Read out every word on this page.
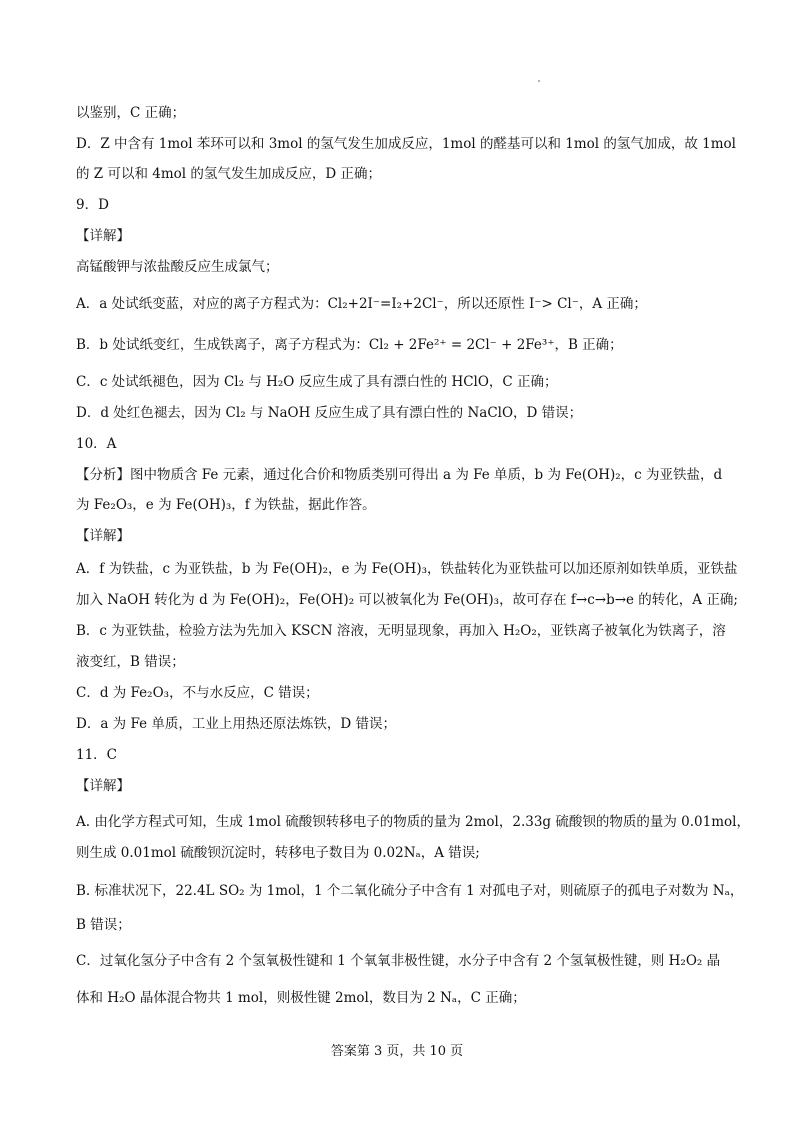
以鉴别，C 正确；
D．Z 中含有 1mol 苯环可以和 3mol 的氢气发生加成反应，1mol 的醛基可以和 1mol 的氢气加成，故 1mol
的 Z 可以和 4mol 的氢气发生加成反应，D 正确；
9．D
【详解】
高锰酸钾与浓盐酸反应生成氯气；
A．a 处试纸变蓝，对应的离子方程式为：Cl₂+2I⁻=I₂+2Cl⁻，所以还原性 I⁻> Cl⁻，A 正确；
B．b 处试纸变红，生成铁离子，离子方程式为：Cl₂ + 2Fe²⁺ = 2Cl⁻ + 2Fe³⁺，B 正确；
C．c 处试纸褪色，因为 Cl₂ 与 H₂O 反应生成了具有漂白性的 HClO，C 正确；
D．d 处红色褪去，因为 Cl₂ 与 NaOH 反应生成了具有漂白性的 NaClO，D 错误；
10．A
【分析】图中物质含 Fe 元素，通过化合价和物质类别可得出 a 为 Fe 单质，b 为 Fe(OH)₂，c 为亚铁盐，d
为 Fe₂O₃，e 为 Fe(OH)₃，f 为铁盐，据此作答。
【详解】
A．f 为铁盐，c 为亚铁盐，b 为 Fe(OH)₂，e 为 Fe(OH)₃，铁盐转化为亚铁盐可以加还原剂如铁单质，亚铁盐
加入 NaOH 转化为 d 为 Fe(OH)₂，Fe(OH)₂ 可以被氧化为 Fe(OH)₃，故可存在 f→c→b→e 的转化，A 正确;
B．c 为亚铁盐，检验方法为先加入 KSCN 溶液，无明显现象，再加入 H₂O₂，亚铁离子被氧化为铁离子，溶
液变红，B 错误；
C．d 为 Fe₂O₃，不与水反应，C 错误；
D．a 为 Fe 单质，工业上用热还原法炼铁，D 错误；
11．C
【详解】
A. 由化学方程式可知，生成 1mol 硫酸钡转移电子的物质的量为 2mol，2.33g 硫酸钡的物质的量为 0.01mol，
则生成 0.01mol 硫酸钡沉淀时，转移电子数目为 0.02Nₐ，A 错误;
B. 标准状况下，22.4L SO₂ 为 1mol，1 个二氧化硫分子中含有 1 对孤电子对，则硫原子的孤电子对数为 Nₐ，
B 错误；
C．过氧化氢分子中含有 2 个氢氧极性键和 1 个氧氧非极性键，水分子中含有 2 个氢氧极性键，则 H₂O₂ 晶
体和 H₂O 晶体混合物共 1 mol，则极性键 2mol，数目为 2 Nₐ，C 正确；
答案第 3 页，共 10 页
